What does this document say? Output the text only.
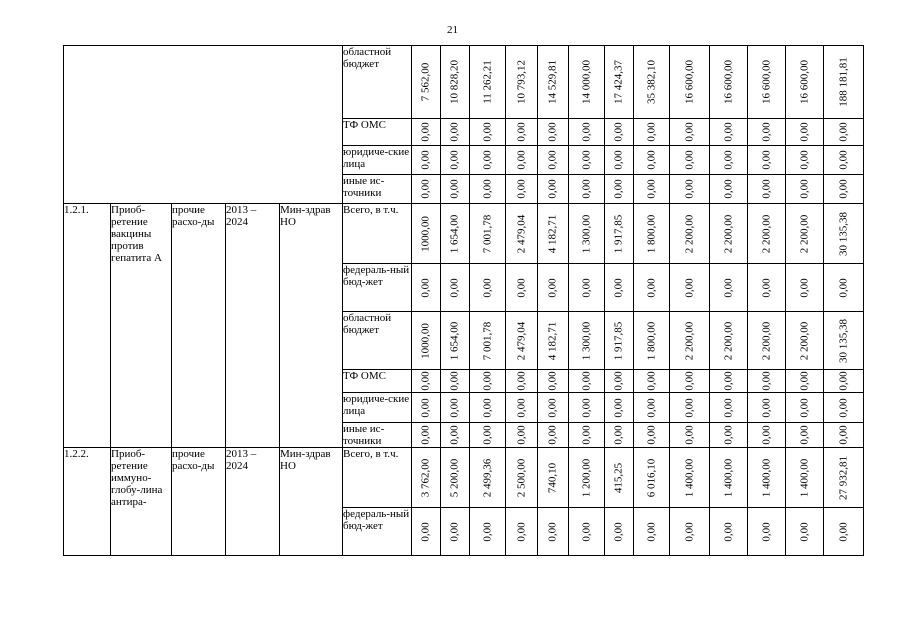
21
					областной бюджет	7 562,00	10 828,20	11 262,21	10 793,12	14 529,81	14 000,00	17 424,37	35 382,10	16 600,00	16 600,00	16 600,00	16 600,00	188 181,81

					ТФ ОМС	0,00	0,00	0,00	0,00	0,00	0,00	0,00	0,00	0,00	0,00	0,00	0,00	0,00

					юридиче-ские лица	0,00	0,00	0,00	0,00	0,00	0,00	0,00	0,00	0,00	0,00	0,00	0,00	0,00

					иные ис-точники	0,00	0,00	0,00	0,00	0,00	0,00	0,00	0,00	0,00	0,00	0,00	0,00	0,00

1.2.1.	Приоб-ретение вакцины против гепатита А	прочие расхо-ды	2013 – 2024	Мин-здрав НО	Всего, в т.ч.	1000,00	1 654,00	7 001,78	2 479,04	4 182,71	1 300,00	1 917,85	1 800,00	2 200,00	2 200,00	2 200,00	2 200,00	30 135,38

					федераль-ный бюд-жет	0,00	0,00	0,00	0,00	0,00	0,00	0,00	0,00	0,00	0,00	0,00	0,00	0,00

					областной бюджет	1000,00	1 654,00	7 001,78	2 479,04	4 182,71	1 300,00	1 917,85	1 800,00	2 200,00	2 200,00	2 200,00	2 200,00	30 135,38

					ТФ ОМС	0,00	0,00	0,00	0,00	0,00	0,00	0,00	0,00	0,00	0,00	0,00	0,00	0,00

					юридиче-ские лица	0,00	0,00	0,00	0,00	0,00	0,00	0,00	0,00	0,00	0,00	0,00	0,00	0,00

					иные ис-точники	0,00	0,00	0,00	0,00	0,00	0,00	0,00	0,00	0,00	0,00	0,00	0,00	0,00

1.2.2.	Приоб-ретение иммуно-глобу-лина антира-	прочие расхо-ды	2013 – 2024	Мин-здрав НО	Всего, в т.ч.	3 762,00	5 200,00	2 499,36	2 500,00	740,10	1 200,00	415,25	6 016,10	1 400,00	1 400,00	1 400,00	1 400,00	27 932,81

					федераль-ный бюд-жет	0,00	0,00	0,00	0,00	0,00	0,00	0,00	0,00	0,00	0,00	0,00	0,00	0,00
